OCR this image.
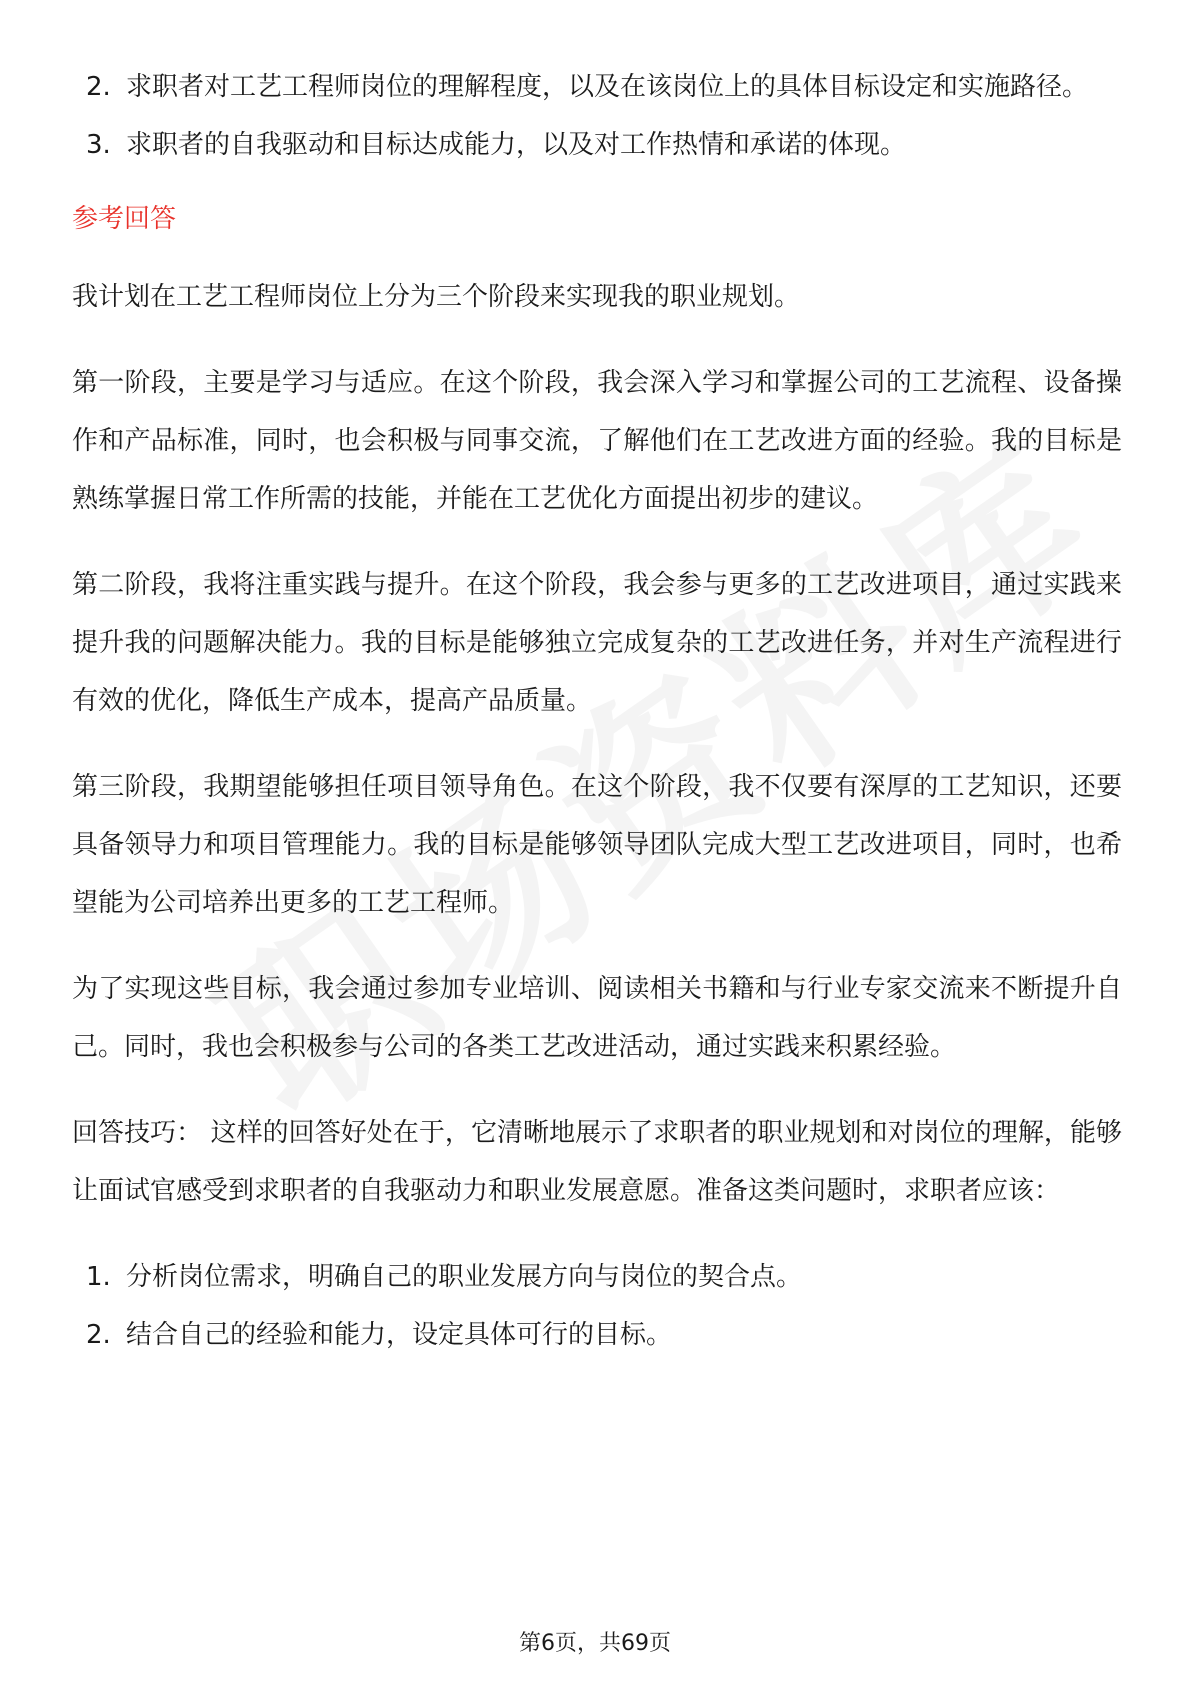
2. 求职者对工艺工程师岗位的理解程度，以及在该岗位上的具体目标设定和实施路径。
3. 求职者的自我驱动和目标达成能力，以及对工作热情和承诺的体现。
参考回答

我计划在工艺工程师岗位上分为三个阶段来实现我的职业规划。

第一阶段，主要是学习与适应。在这个阶段，我会深入学习和掌握公司的工艺流程、设备操作和产品标准，同时，也会积极与同事交流，了解他们在工艺改进方面的经验。我的目标是熟练掌握日常工作所需的技能，并能在工艺优化方面提出初步的建议。

第二阶段，我将注重实践与提升。在这个阶段，我会参与更多的工艺改进项目，通过实践来提升我的问题解决能力。我的目标是能够独立完成复杂的工艺改进任务，并对生产流程进行有效的优化，降低生产成本，提高产品质量。

第三阶段，我期望能够担任项目领导角色。在这个阶段，我不仅要有深厚的工艺知识，还要具备领导力和项目管理能力。我的目标是能够领导团队完成大型工艺改进项目，同时，也希望能为公司培养出更多的工艺工程师。

为了实现这些目标，我会通过参加专业培训、阅读相关书籍和与行业专家交流来不断提升自己。同时，我也会积极参与公司的各类工艺改进活动，通过实践来积累经验。

回答技巧： 这样的回答好处在于，它清晰地展示了求职者的职业规划和对岗位的理解，能够让面试官感受到求职者的自我驱动力和职业发展意愿。准备这类问题时，求职者应该：

1. 分析岗位需求，明确自己的职业发展方向与岗位的契合点。
2. 结合自己的经验和能力，设定具体可行的目标。
第6页，共69页
